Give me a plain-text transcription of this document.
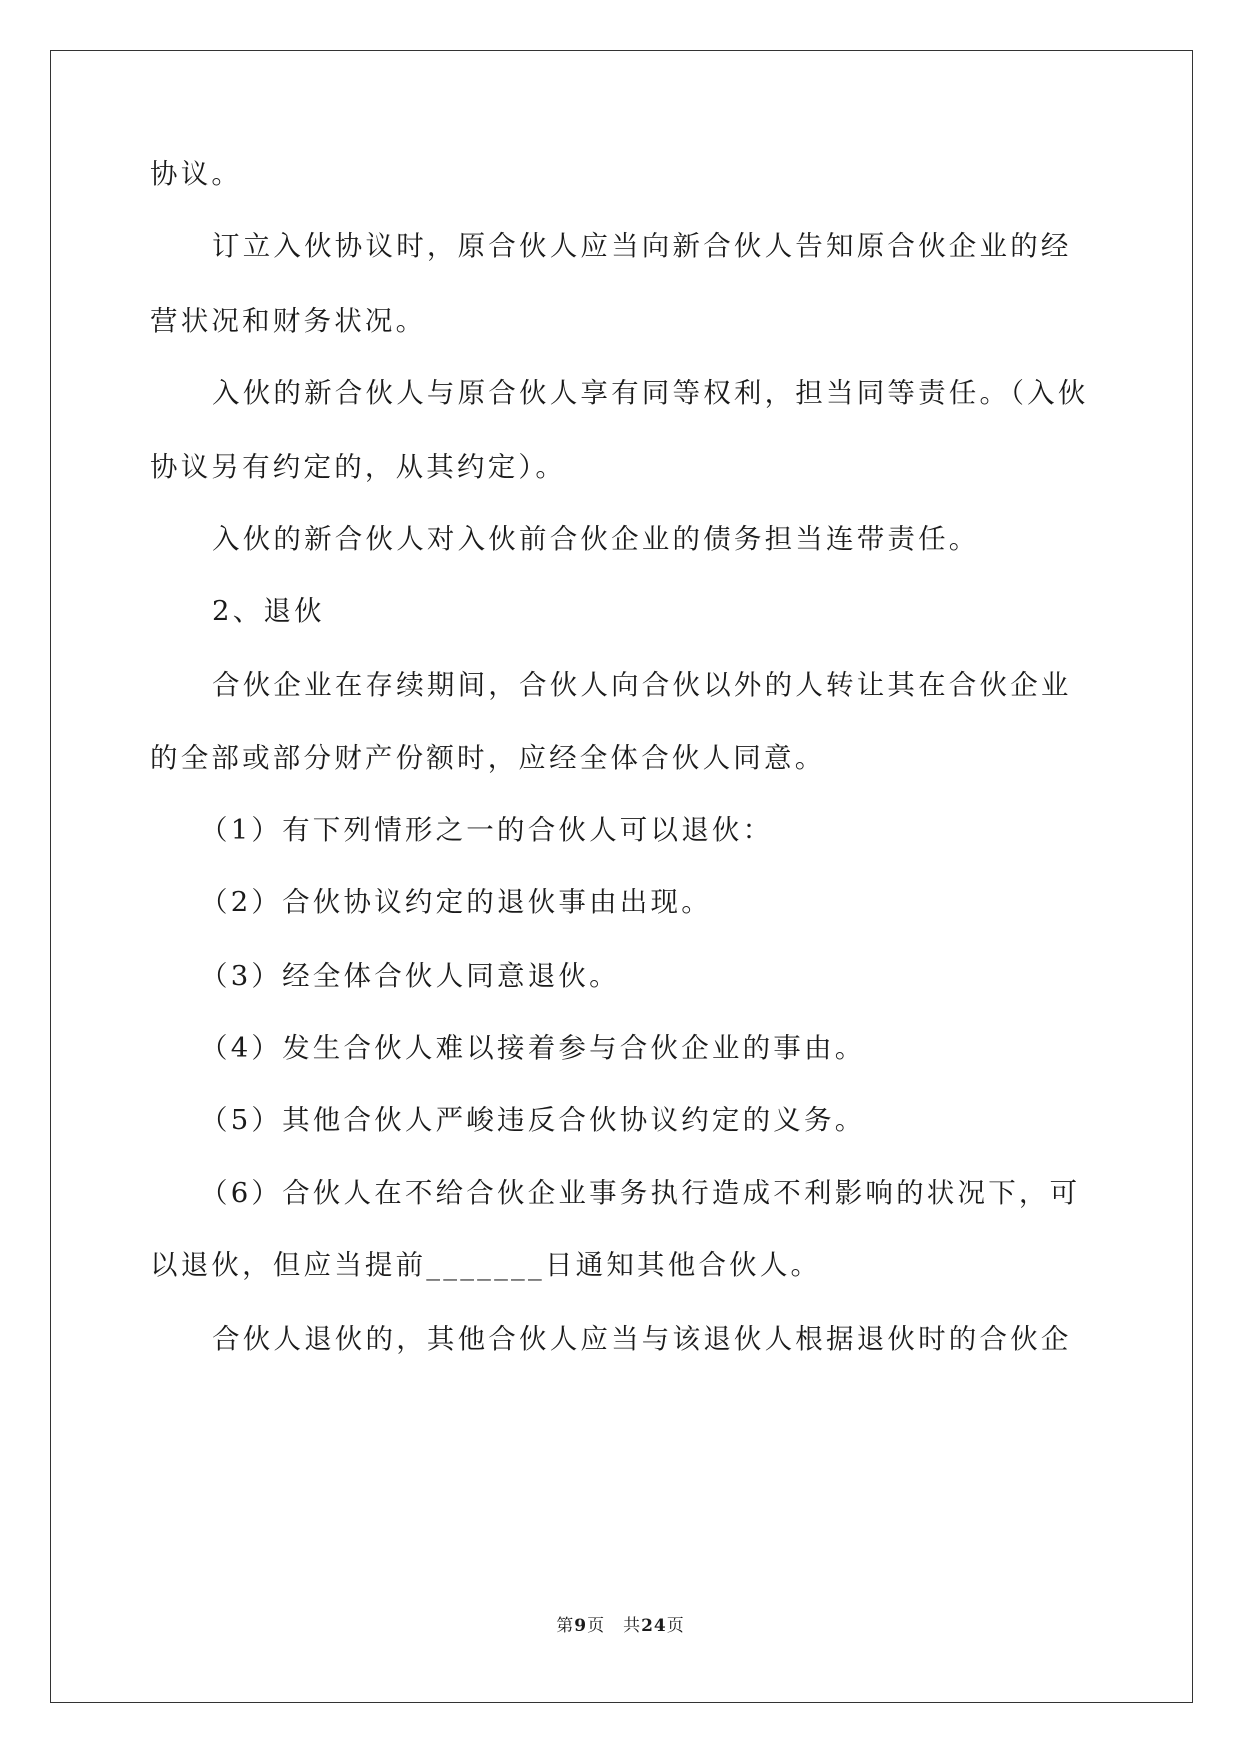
协议。
订立入伙协议时，原合伙人应当向新合伙人告知原合伙企业的经
营状况和财务状况。
入伙的新合伙人与原合伙人享有同等权利，担当同等责任。（入伙
协议另有约定的，从其约定）。
入伙的新合伙人对入伙前合伙企业的债务担当连带责任。
2、退伙
合伙企业在存续期间，合伙人向合伙以外的人转让其在合伙企业
的全部或部分财产份额时，应经全体合伙人同意。
（1）有下列情形之一的合伙人可以退伙：
（2）合伙协议约定的退伙事由出现。
（3）经全体合伙人同意退伙。
（4）发生合伙人难以接着参与合伙企业的事由。
（5）其他合伙人严峻违反合伙协议约定的义务。
（6）合伙人在不给合伙企业事务执行造成不利影响的状况下，可
以退伙，但应当提前_______日通知其他合伙人。
合伙人退伙的，其他合伙人应当与该退伙人根据退伙时的合伙企
第9页　共24页
